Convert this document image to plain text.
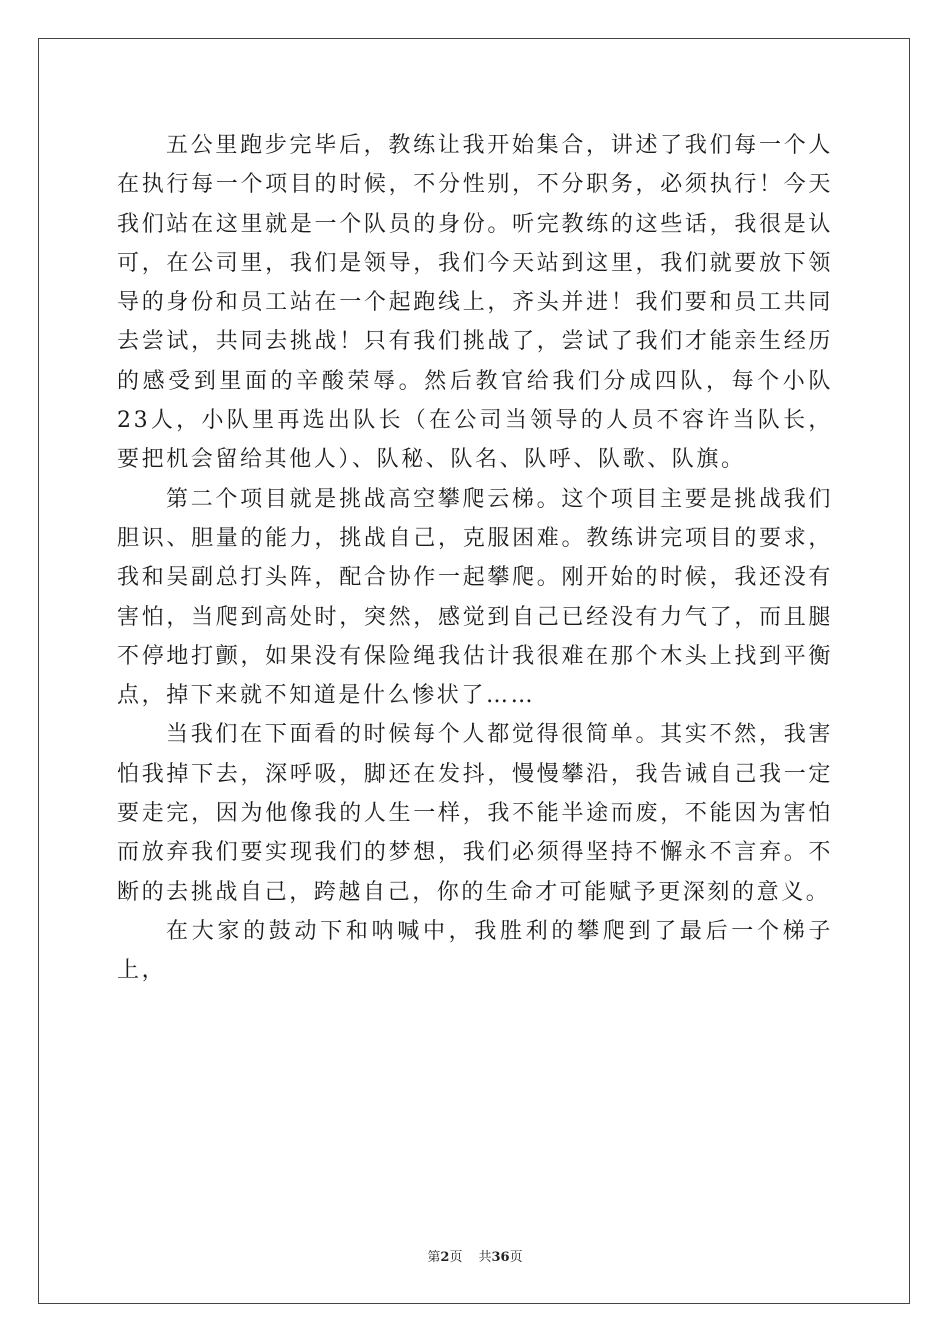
五公里跑步完毕后，教练让我开始集合，讲述了我们每一个人在执行每一个项目的时候，不分性别，不分职务，必须执行！今天我们站在这里就是一个队员的身份。听完教练的这些话，我很是认可，在公司里，我们是领导，我们今天站到这里，我们就要放下领导的身份和员工站在一个起跑线上，齐头并进！我们要和员工共同去尝试，共同去挑战！只有我们挑战了，尝试了我们才能亲生经历的感受到里面的辛酸荣辱。然后教官给我们分成四队，每个小队23人，小队里再选出队长（在公司当领导的人员不容许当队长，要把机会留给其他人）、队秘、队名、队呼、队歌、队旗。

第二个项目就是挑战高空攀爬云梯。这个项目主要是挑战我们胆识、胆量的能力，挑战自己，克服困难。教练讲完项目的要求，我和吴副总打头阵，配合协作一起攀爬。刚开始的时候，我还没有害怕，当爬到高处时，突然，感觉到自己已经没有力气了，而且腿不停地打颤，如果没有保险绳我估计我很难在那个木头上找到平衡点，掉下来就不知道是什么惨状了……

当我们在下面看的时候每个人都觉得很简单。其实不然，我害怕我掉下去，深呼吸，脚还在发抖，慢慢攀沿，我告诫自己我一定要走完，因为他像我的人生一样，我不能半途而废，不能因为害怕而放弃我们要实现我们的梦想，我们必须得坚持不懈永不言弃。不断的去挑战自己，跨越自己，你的生命才可能赋予更深刻的意义。

在大家的鼓动下和呐喊中，我胜利的攀爬到了最后一个梯子上，

第2页 共36页
